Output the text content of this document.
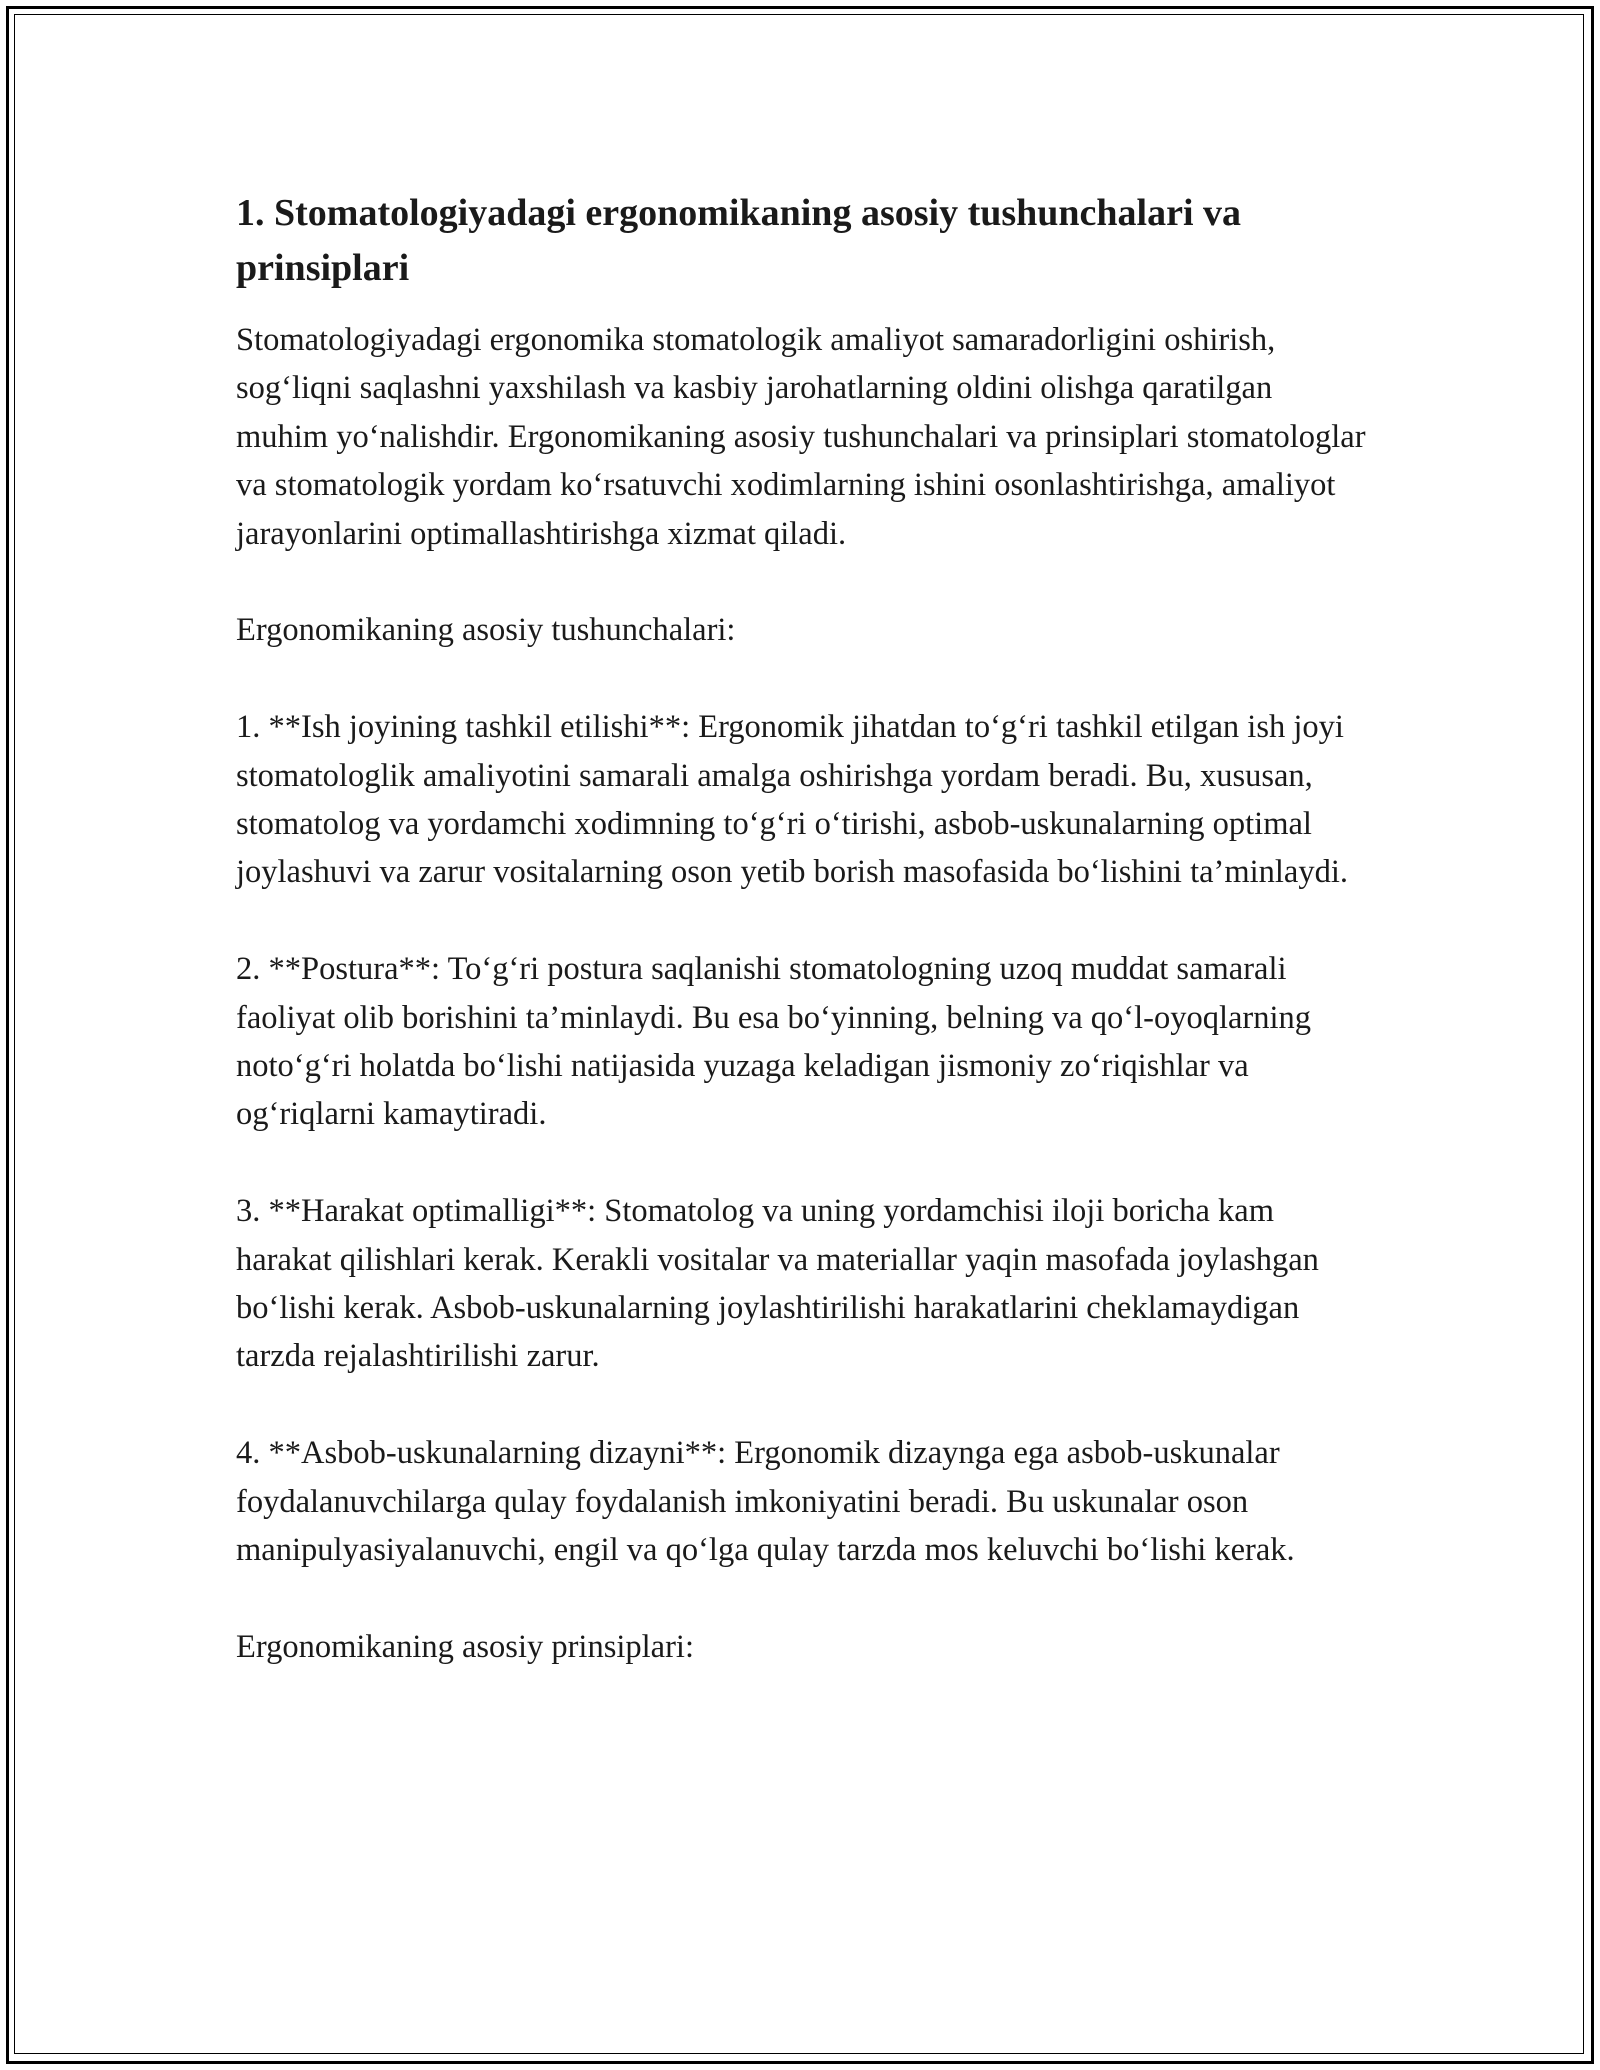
1. Stomatologiyadagi ergonomikaning asosiy tushunchalari va prinsiplari

Stomatologiyadagi ergonomika stomatologik amaliyot samaradorligini oshirish, sog‘liqni saqlashni yaxshilash va kasbiy jarohatlarning oldini olishga qaratilgan muhim yo‘nalishdir. Ergonomikaning asosiy tushunchalari va prinsiplari stomatologlar va stomatologik yordam ko‘rsatuvchi xodimlarning ishini osonlashtirishga, amaliyot jarayonlarini optimallashtirishga xizmat qiladi.

Ergonomikaning asosiy tushunchalari:

1. **Ish joyining tashkil etilishi**: Ergonomik jihatdan to‘g‘ri tashkil etilgan ish joyi stomatologlik amaliyotini samarali amalga oshirishga yordam beradi. Bu, xususan, stomatolog va yordamchi xodimning to‘g‘ri o‘tirishi, asbob-uskunalarning optimal joylashuvi va zarur vositalarning oson yetib borish masofasida bo‘lishini ta’minlaydi.

2. **Postura**: To‘g‘ri postura saqlanishi stomatologning uzoq muddat samarali faoliyat olib borishini ta’minlaydi. Bu esa bo‘yinning, belning va qo‘l-oyoqlarning noto‘g‘ri holatda bo‘lishi natijasida yuzaga keladigan jismoniy zo‘riqishlar va og‘riqlarni kamaytiradi.

3. **Harakat optimalligi**: Stomatolog va uning yordamchisi iloji boricha kam harakat qilishlari kerak. Kerakli vositalar va materiallar yaqin masofada joylashgan bo‘lishi kerak. Asbob-uskunalarning joylashtirilishi harakatlarini cheklamaydigan tarzda rejalashtirilishi zarur.

4. **Asbob-uskunalarning dizayni**: Ergonomik dizaynga ega asbob-uskunalar foydalanuvchilarga qulay foydalanish imkoniyatini beradi. Bu uskunalar oson manipulyasiyalanuvchi, engil va qo‘lga qulay tarzda mos keluvchi bo‘lishi kerak.

Ergonomikaning asosiy prinsiplari:
